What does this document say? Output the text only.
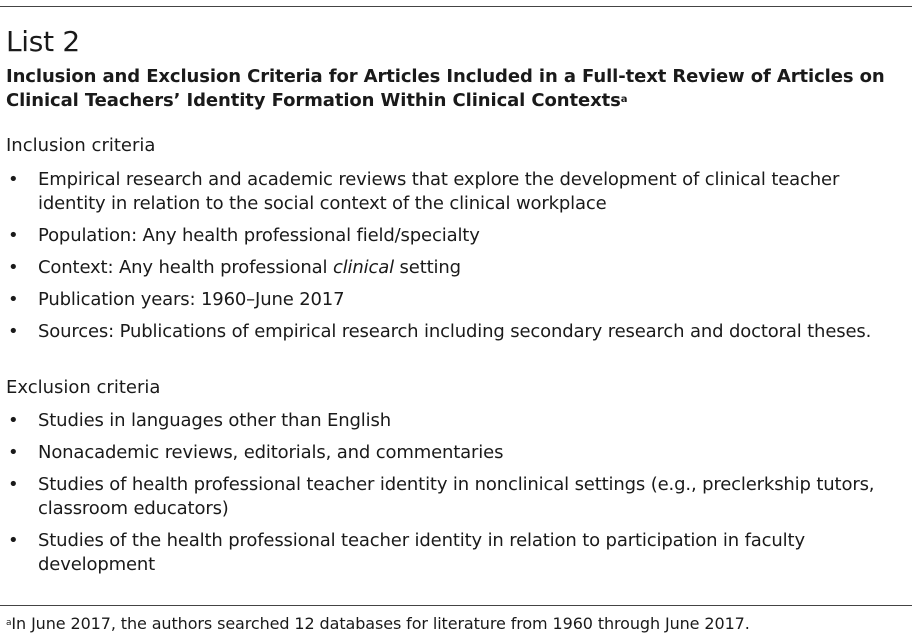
List 2
Inclusion and Exclusion Criteria for Articles Included in a Full-text Review of Articles on Clinical Teachers’ Identity Formation Within Clinical Contexts$^a$
Inclusion criteria
• Empirical research and academic reviews that explore the development of clinical teacher identity in relation to the social context of the clinical workplace
• Population: Any health professional field/specialty
• Context: Any health professional clinical setting
• Publication years: 1960–June 2017
• Sources: Publications of empirical research including secondary research and doctoral theses.
Exclusion criteria
• Studies in languages other than English
• Nonacademic reviews, editorials, and commentaries
• Studies of health professional teacher identity in nonclinical settings (e.g., preclerkship tutors, classroom educators)
• Studies of the health professional teacher identity in relation to participation in faculty development
$^a$In June 2017, the authors searched 12 databases for literature from 1960 through June 2017.
